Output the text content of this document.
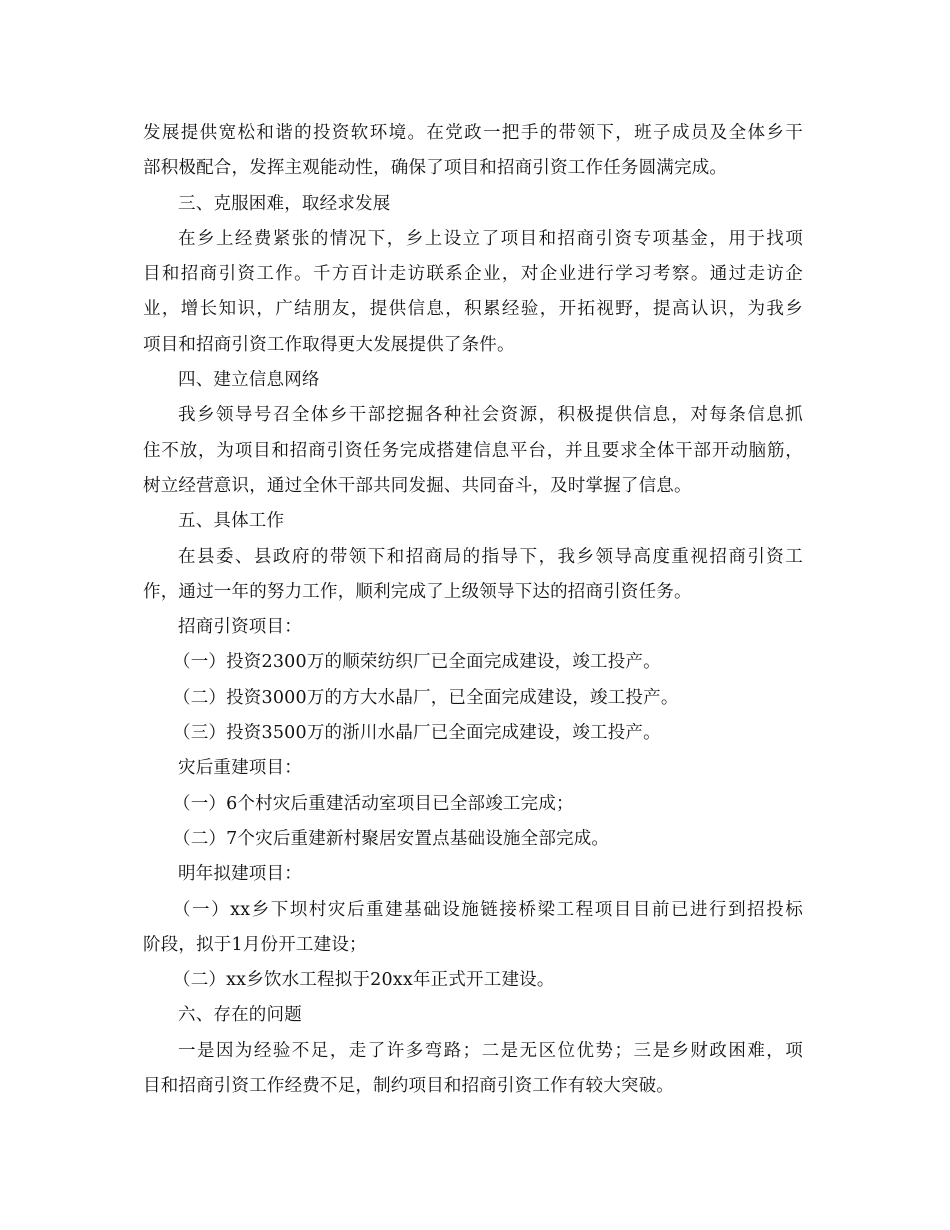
发展提供宽松和谐的投资软环境。在党政一把手的带领下，班子成员及全体乡干
部积极配合，发挥主观能动性，确保了项目和招商引资工作任务圆满完成。
三、克服困难，取经求发展
在乡上经费紧张的情况下，乡上设立了项目和招商引资专项基金，用于找项
目和招商引资工作。千方百计走访联系企业，对企业进行学习考察。通过走访企
业，增长知识，广结朋友，提供信息，积累经验，开拓视野，提高认识，为我乡
项目和招商引资工作取得更大发展提供了条件。
四、建立信息网络
我乡领导号召全体乡干部挖掘各种社会资源，积极提供信息，对每条信息抓
住不放，为项目和招商引资任务完成搭建信息平台，并且要求全体干部开动脑筋，
树立经营意识，通过全休干部共同发掘、共同奋斗，及时掌握了信息。
五、具体工作
在县委、县政府的带领下和招商局的指导下，我乡领导高度重视招商引资工
作，通过一年的努力工作，顺利完成了上级领导下达的招商引资任务。
招商引资项目：
（一）投资2300万的顺荣纺织厂已全面完成建设，竣工投产。
（二）投资3000万的方大水晶厂，已全面完成建设，竣工投产。
（三）投资3500万的浙川水晶厂已全面完成建设，竣工投产。
灾后重建项目：
（一）6个村灾后重建活动室项目已全部竣工完成；
（二）7个灾后重建新村聚居安置点基础设施全部完成。
明年拟建项目：
（一）xx乡下坝村灾后重建基础设施链接桥梁工程项目目前已进行到招投标
阶段，拟于1月份开工建设；
（二）xx乡饮水工程拟于20xx年正式开工建设。
六、存在的问题
一是因为经验不足，走了许多弯路；二是无区位优势；三是乡财政困难，项
目和招商引资工作经费不足，制约项目和招商引资工作有较大突破。
